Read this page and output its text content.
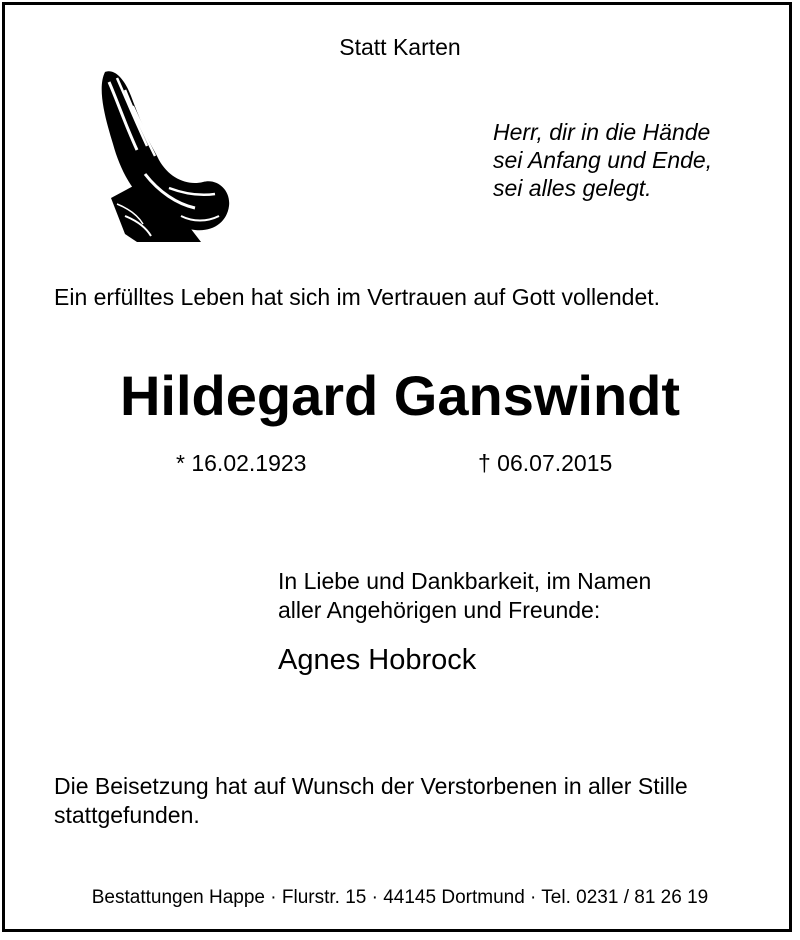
Statt Karten
Herr, dir in die Hände
sei Anfang und Ende,
sei alles gelegt.
Ein erfülltes Leben hat sich im Vertrauen auf Gott vollendet.
Hildegard Ganswindt
* 16.02.1923	† 06.07.2015
In Liebe und Dankbarkeit, im Namen
aller Angehörigen und Freunde:
Agnes Hobrock
Die Beisetzung hat auf Wunsch der Verstorbenen in aller Stille
stattgefunden.
Bestattungen Happe · Flurstr. 15 · 44145 Dortmund · Tel. 0231 / 81 26 19
